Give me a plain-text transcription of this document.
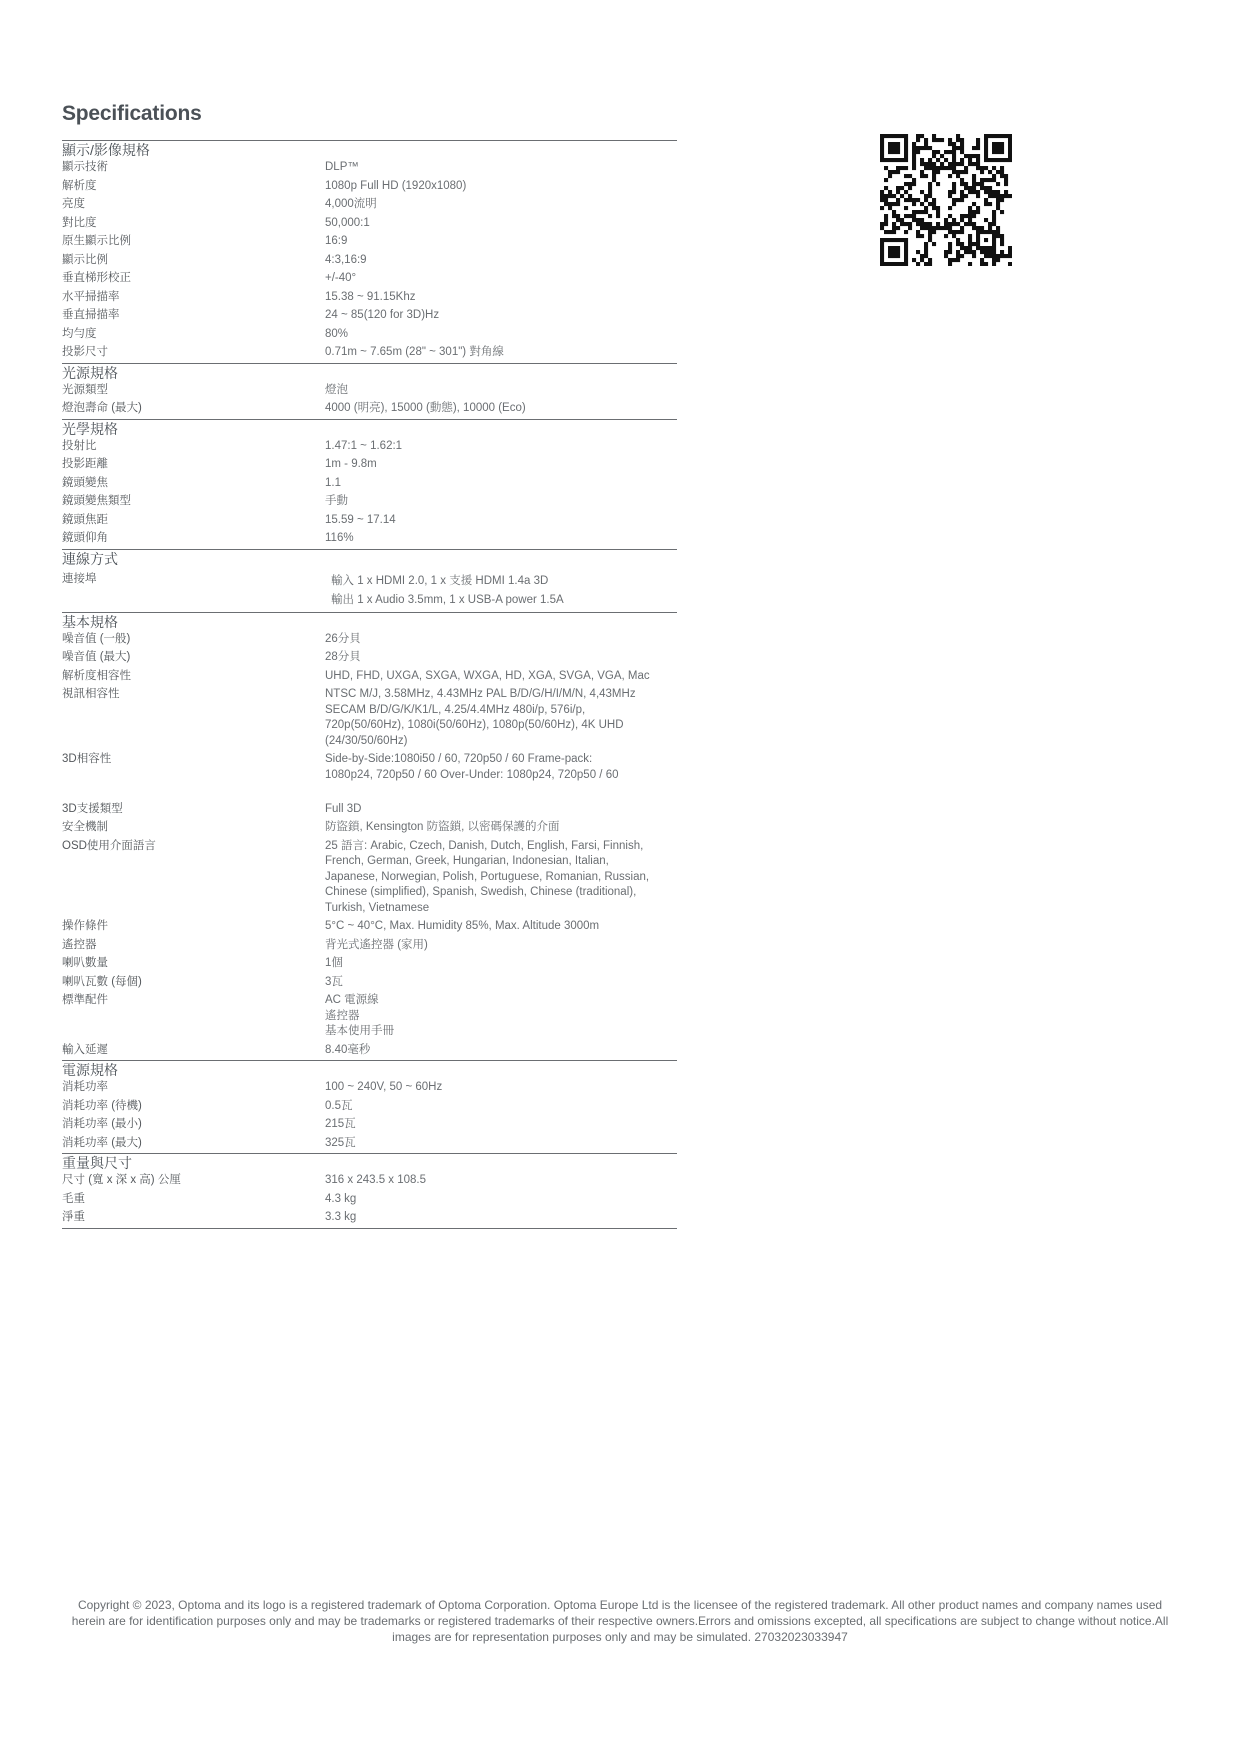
Specifications
顯示/影像規格
顯示技術	DLP™
解析度	1080p Full HD (1920x1080)
亮度	4,000流明
對比度	50,000:1
原生顯示比例	16:9
顯示比例	4:3,16:9
垂直梯形校正	+/-40°
水平掃描率	15.38 ~ 91.15Khz
垂直掃描率	24 ~ 85(120 for 3D)Hz
均勻度	80%
投影尺寸	0.71m ~ 7.65m (28" ~ 301") 對角線
光源規格
光源類型	燈泡
燈泡壽命 (最大)	4000 (明亮), 15000 (動態), 10000 (Eco)
光學規格
投射比	1.47:1 ~ 1.62:1
投影距離	1m - 9.8m
鏡頭變焦	1.1
鏡頭變焦類型	手動
鏡頭焦距	15.59 ~ 17.14
鏡頭仰角	116%
連線方式
連接埠	輸入 1 x HDMI 2.0, 1 x 支援 HDMI 1.4a 3D
輸出 1 x Audio 3.5mm, 1 x USB-A power 1.5A
基本規格
噪音值 (一般)	26分貝
噪音值 (最大)	28分貝
解析度相容性	UHD, FHD, UXGA, SXGA, WXGA, HD, XGA, SVGA, VGA, Mac
視訊相容性	NTSC M/J, 3.58MHz, 4.43MHz PAL B/D/G/H/I/M/N, 4,43MHz
SECAM B/D/G/K/K1/L, 4.25/4.4MHz 480i/p, 576i/p,
720p(50/60Hz), 1080i(50/60Hz), 1080p(50/60Hz), 4K UHD
(24/30/50/60Hz)
3D相容性	Side-by-Side:1080i50 / 60, 720p50 / 60 Frame-pack:
1080p24, 720p50 / 60 Over-Under: 1080p24, 720p50 / 60

3D支援類型	Full 3D
安全機制	防盜鎖, Kensington 防盜鎖, 以密碼保護的介面
OSD使用介面語言	25 語言: Arabic, Czech, Danish, Dutch, English, Farsi, Finnish,
French, German, Greek, Hungarian, Indonesian, Italian,
Japanese, Norwegian, Polish, Portuguese, Romanian, Russian,
Chinese (simplified), Spanish, Swedish, Chinese (traditional),
Turkish, Vietnamese
操作條件	5°C ~ 40°C, Max. Humidity 85%, Max. Altitude 3000m
遙控器	背光式遙控器 (家用)
喇叭數量	1個
喇叭瓦數 (每個)	3瓦
標準配件	AC 電源線
遙控器
基本使用手冊
輸入延遲	8.40毫秒
電源規格
消耗功率	100 ~ 240V, 50 ~ 60Hz
消耗功率 (待機)	0.5瓦
消耗功率 (最小)	215瓦
消耗功率 (最大)	325瓦
重量與尺寸
尺寸 (寬 x 深 x 高) 公厘	316 x 243.5 x 108.5
毛重	4.3 kg
淨重	3.3 kg
Copyright © 2023, Optoma and its logo is a registered trademark of Optoma Corporation. Optoma Europe Ltd is the licensee of the registered trademark. All other product names and company names used herein are for identification purposes only and may be trademarks or registered trademarks of their respective owners.Errors and omissions excepted, all specifications are subject to change without notice.All images are for representation purposes only and may be simulated. 27032023033947
